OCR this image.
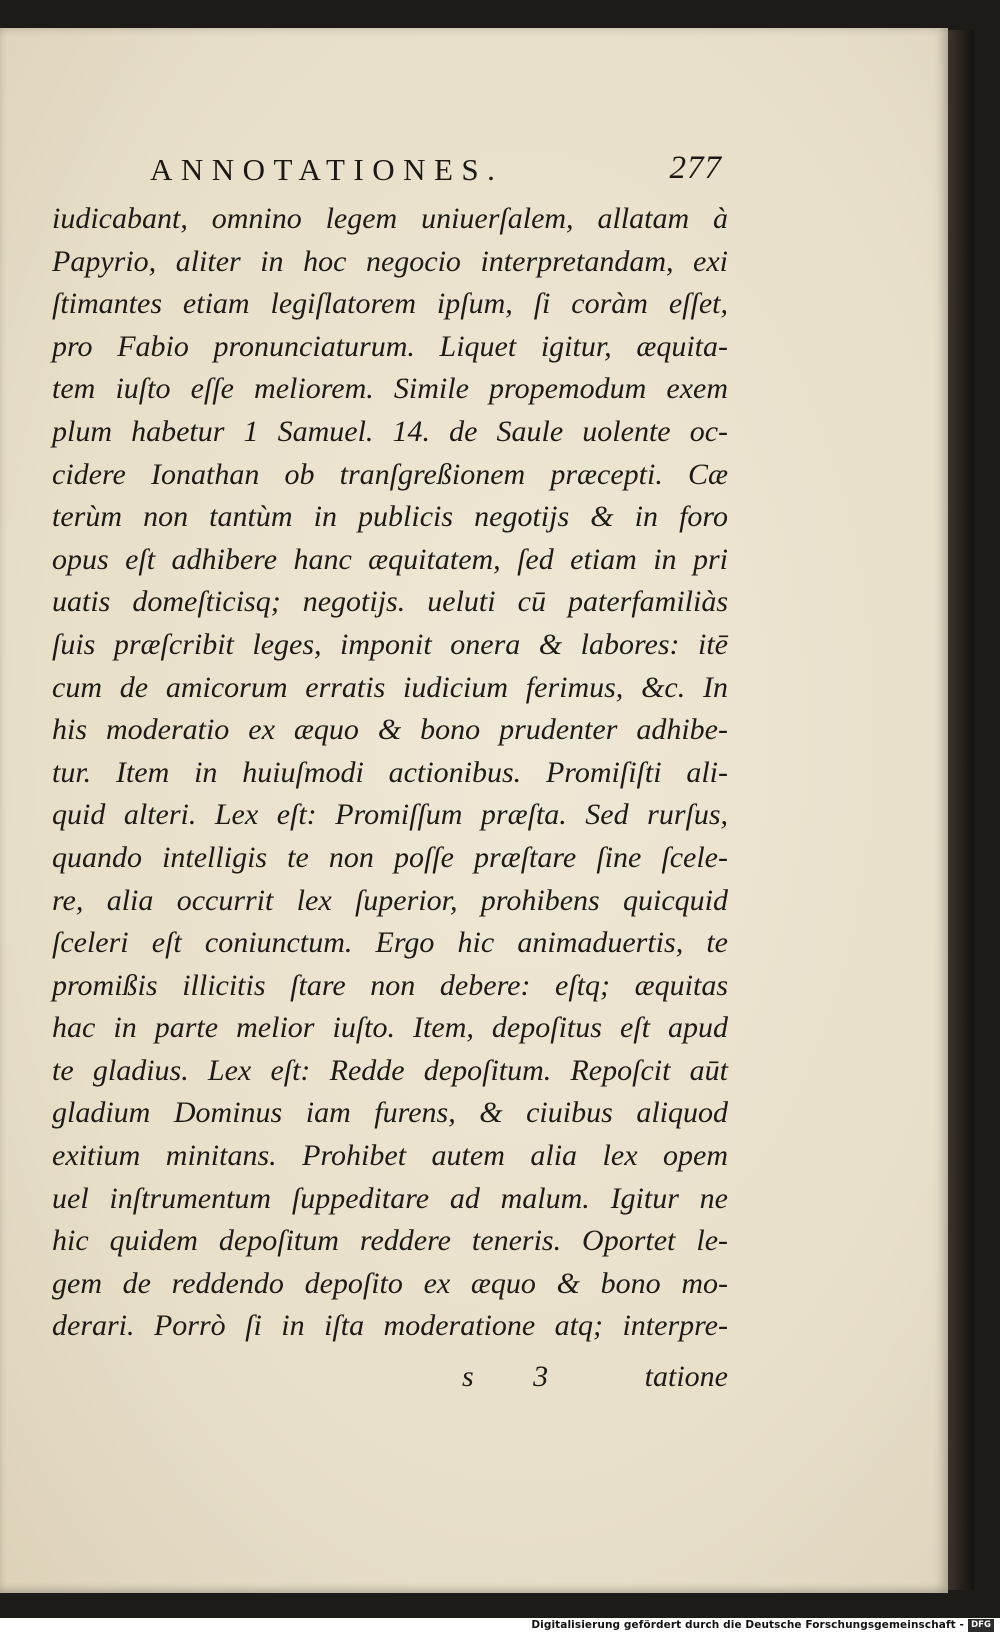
ANNOTATIONES.	277
iudicabant, omnino legem uniuerſalem, allatam à
Papyrio, aliter in hoc negocio interpretandam, exi
ſtimantes etiam legiſlatorem ipſum, ſi coràm eſſet,
pro Fabio pronunciaturum. Liquet igitur, æquita-
tem iuſto eſſe meliorem. Simile propemodum exem
plum habetur 1 Samuel. 14. de Saule uolente oc-
cidere Ionathan ob tranſgreßionem præcepti. Cæ
terùm non tantùm in publicis negotijs & in foro
opus eſt adhibere hanc æquitatem, ſed etiam in pri
uatis domeſticisq; negotijs. ueluti cū paterfamiliàs
ſuis præſcribit leges, imponit onera & labores: itē
cum de amicorum erratis iudicium ferimus, &c. In
his moderatio ex æquo & bono prudenter adhibe-
tur. Item in huiuſmodi actionibus. Promiſiſti ali-
quid alteri. Lex eſt: Promiſſum præſta. Sed rurſus,
quando intelligis te non poſſe præſtare ſine ſcele-
re, alia occurrit lex ſuperior, prohibens quicquid
ſceleri eſt coniunctum. Ergo hic animaduertis, te
promißis illicitis ſtare non debere: eſtq; æquitas
hac in parte melior iuſto. Item, depoſitus eſt apud
te gladius. Lex eſt: Redde depoſitum. Repoſcit aūt
gladium Dominus iam furens, & ciuibus aliquod
exitium minitans. Prohibet autem alia lex opem
uel inſtrumentum ſuppeditare ad malum. Igitur ne
hic quidem depoſitum reddere teneris. Oportet le-
gem de reddendo depoſito ex æquo & bono mo-
derari. Porrò ſi in iſta moderatione atq; interpre-
s 3 tatione
Digitalisierung gefördert durch die Deutsche Forschungsgemeinschaft - DFG
